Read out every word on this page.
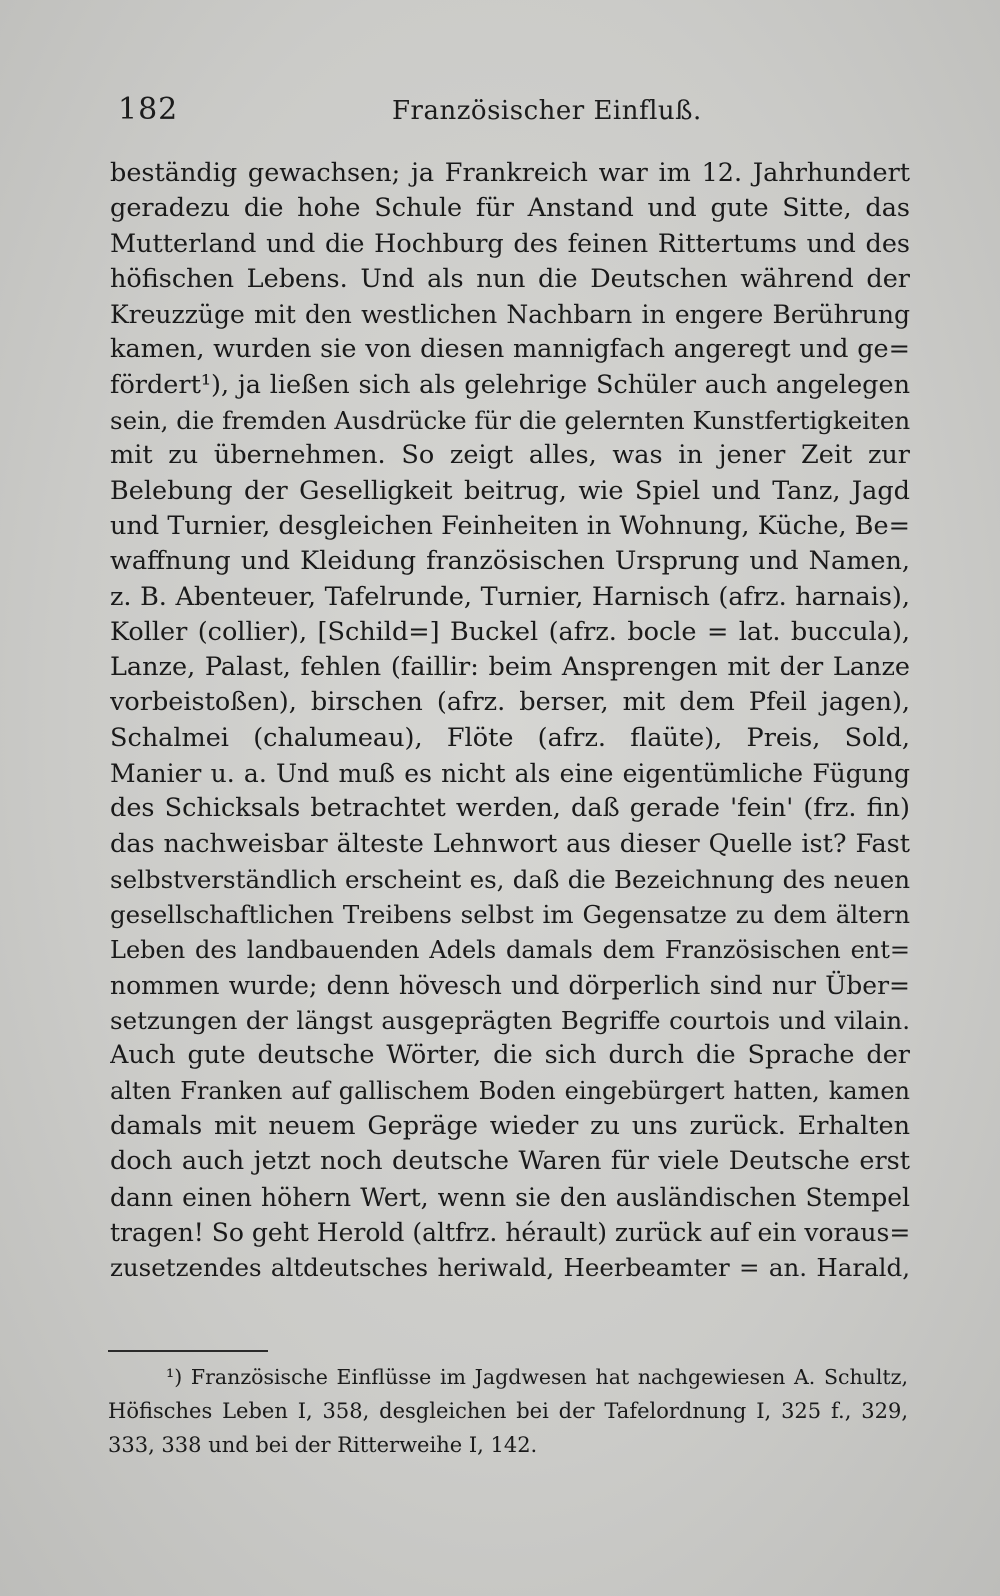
182	Französischer Einfluß.
beständig gewachsen; ja Frankreich war im 12. Jahrhundert
geradezu die hohe Schule für Anstand und gute Sitte, das
Mutterland und die Hochburg des feinen Rittertums und des
höfischen Lebens. Und als nun die Deutschen während der
Kreuzzüge mit den westlichen Nachbarn in engere Berührung
kamen, wurden sie von diesen mannigfach angeregt und ge=
fördert¹), ja ließen sich als gelehrige Schüler auch angelegen
sein, die fremden Ausdrücke für die gelernten Kunstfertigkeiten
mit zu übernehmen. So zeigt alles, was in jener Zeit zur
Belebung der Geselligkeit beitrug, wie Spiel und Tanz, Jagd
und Turnier, desgleichen Feinheiten in Wohnung, Küche, Be=
waffnung und Kleidung französischen Ursprung und Namen,
z. B. Abenteuer, Tafelrunde, Turnier, Harnisch (afrz. harnais),
Koller (collier), [Schild=] Buckel (afrz. bocle = lat. buccula),
Lanze, Palast, fehlen (faillir: beim Ansprengen mit der Lanze
vorbeistoßen), birschen (afrz. berser, mit dem Pfeil jagen),
Schalmei (chalumeau), Flöte (afrz. flaüte), Preis, Sold,
Manier u. a. Und muß es nicht als eine eigentümliche Fügung
des Schicksals betrachtet werden, daß gerade 'fein' (frz. fin)
das nachweisbar älteste Lehnwort aus dieser Quelle ist? Fast
selbstverständlich erscheint es, daß die Bezeichnung des neuen
gesellschaftlichen Treibens selbst im Gegensatze zu dem ältern
Leben des landbauenden Adels damals dem Französischen ent=
nommen wurde; denn hövesch und dörperlich sind nur Über=
setzungen der längst ausgeprägten Begriffe courtois und vilain.
Auch gute deutsche Wörter, die sich durch die Sprache der
alten Franken auf gallischem Boden eingebürgert hatten, kamen
damals mit neuem Gepräge wieder zu uns zurück. Erhalten
doch auch jetzt noch deutsche Waren für viele Deutsche erst
dann einen höhern Wert, wenn sie den ausländischen Stempel
tragen! So geht Herold (altfrz. hérault) zurück auf ein voraus=
zusetzendes altdeutsches heriwald, Heerbeamter = an. Harald,
¹) Französische Einflüsse im Jagdwesen hat nachgewiesen A. Schultz,
Höfisches Leben I, 358, desgleichen bei der Tafelordnung I, 325 f., 329,
333, 338 und bei der Ritterweihe I, 142.
